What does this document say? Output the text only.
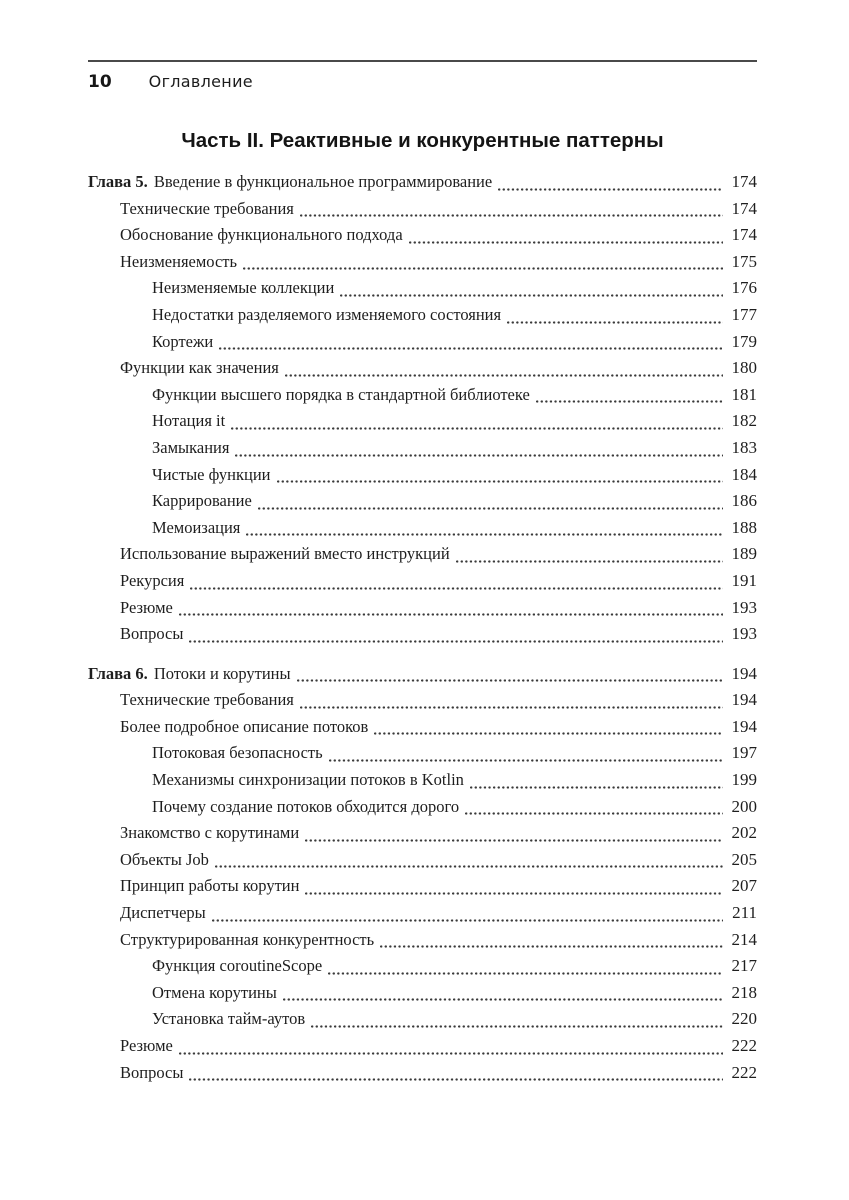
10 Оглавление
Часть II. Реактивные и конкурентные паттерны
Глава 5. Введение в функциональное программирование	174
Технические требования	174
Обоснование функционального подхода	174
Неизменяемость	175
Неизменяемые коллекции	176
Недостатки разделяемого изменяемого состояния	177
Кортежи	179
Функции как значения	180
Функции высшего порядка в стандартной библиотеке	181
Нотация it	182
Замыкания	183
Чистые функции	184
Каррирование	186
Мемоизация	188
Использование выражений вместо инструкций	189
Рекурсия	191
Резюме	193
Вопросы	193
Глава 6. Потоки и корутины	194
Технические требования	194
Более подробное описание потоков	194
Потоковая безопасность	197
Механизмы синхронизации потоков в Kotlin	199
Почему создание потоков обходится дорого	200
Знакомство с корутинами	202
Объекты Job	205
Принцип работы корутин	207
Диспетчеры	211
Структурированная конкурентность	214
Функция coroutineScope	217
Отмена корутины	218
Установка тайм-аутов	220
Резюме	222
Вопросы	222
